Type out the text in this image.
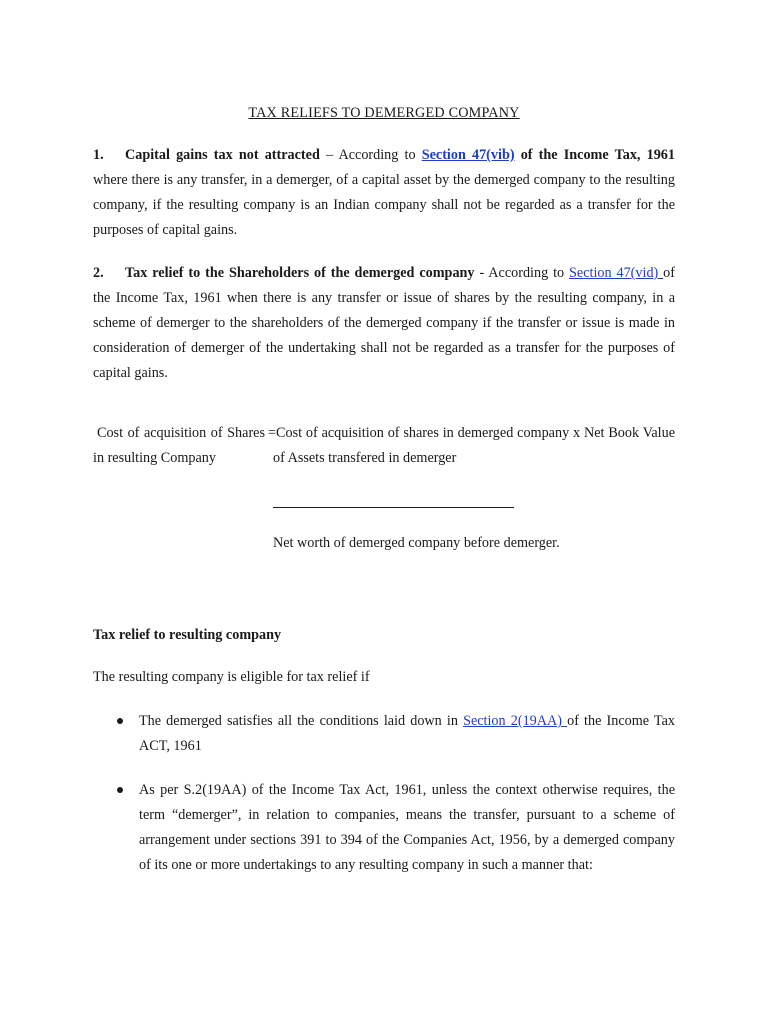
TAX RELIEFS TO DEMERGED COMPANY
1. Capital gains tax not attracted – According to Section 47(vib) of the Income Tax, 1961 where there is any transfer, in a demerger, of a capital asset by the demerged company to the resulting company, if the resulting company is an Indian company shall not be regarded as a transfer for the purposes of capital gains.
2. Tax relief to the Shareholders of the demerged company - According to Section 47(vid) of the Income Tax, 1961 when there is any transfer or issue of shares by the resulting company, in a scheme of demerger to the shareholders of the demerged company if the transfer or issue is made in consideration of demerger of the undertaking shall not be regarded as a transfer for the purposes of capital gains.
Cost of acquisition of Shares in resulting Company
=Cost of acquisition of shares in demerged company x Net Book Value of Assets transfered in demerger
Net worth of demerged company before demerger.
Tax relief to resulting company
The resulting company is eligible for tax relief if
The demerged satisfies all the conditions laid down in Section 2(19AA) of the Income Tax ACT, 1961
As per S.2(19AA) of the Income Tax Act, 1961, unless the context otherwise requires, the term “demerger”, in relation to companies, means the transfer, pursuant to a scheme of arrangement under sections 391 to 394 of the Companies Act, 1956, by a demerged company of its one or more undertakings to any resulting company in such a manner that:
